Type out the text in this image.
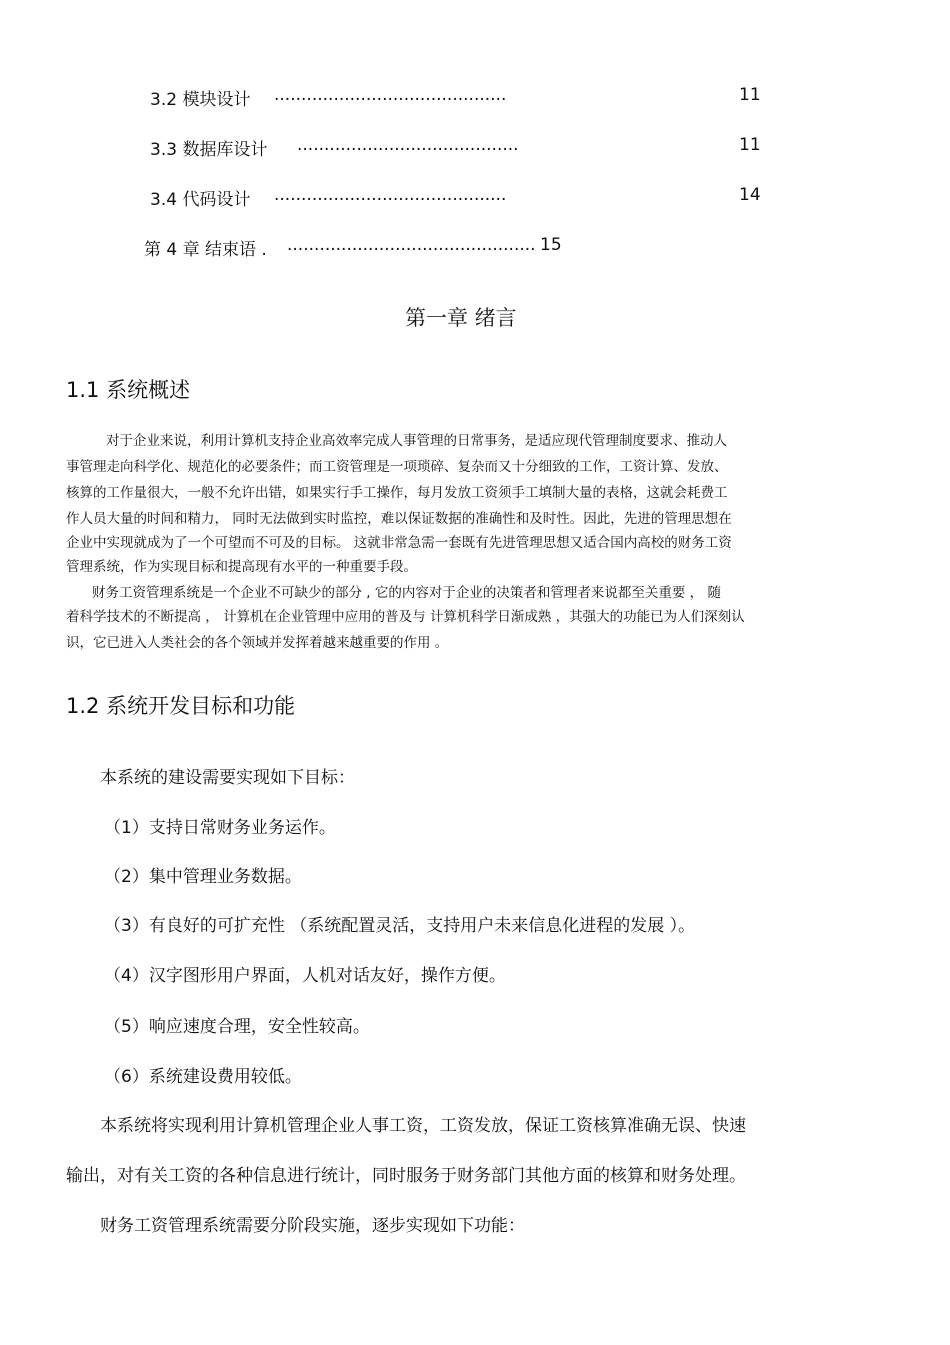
3.2 模块设计 ...........................................	11
3.3 数据库设计 .........................................	11
3.4 代码设计 ...........................................	14
第 4 章 结束语 . .............................................. 15
第一章 绪言
1.1 系统概述
对于企业来说，利用计算机支持企业高效率完成人事管理的日常事务，是适应现代管理制度要求、推动人
事管理走向科学化、规范化的必要条件；而工资管理是一项琐碎、复杂而又十分细致的工作，工资计算、发放、
核算的工作量很大，一般不允许出错，如果实行手工操作，每月发放工资须手工填制大量的表格，这就会耗费工
作人员大量的时间和精力， 同时无法做到实时监控，难以保证数据的准确性和及时性。因此，先进的管理思想在
企业中实现就成为了一个可望而不可及的目标。 这就非常急需一套既有先进管理思想又适合国内高校的财务工资
管理系统，作为实现目标和提高现有水平的一种重要手段。
财务工资管理系统是一个企业不可缺少的部分 , 它的内容对于企业的决策者和管理者来说都至关重要 ， 随
着科学技术的不断提高 ， 计算机在企业管理中应用的普及与 计算机科学日渐成熟 ，其强大的功能已为人们深刻认
识，它已进入人类社会的各个领域并发挥着越来越重要的作用 。
1.2 系统开发目标和功能
本系统的建设需要实现如下目标：
（1）支持日常财务业务运作。
（2）集中管理业务数据。
（3）有良好的可扩充性 （系统配置灵活，支持用户未来信息化进程的发展 ）。
（4）汉字图形用户界面，人机对话友好，操作方便。
（5）响应速度合理，安全性较高。
（6）系统建设费用较低。
本系统将实现利用计算机管理企业人事工资，工资发放，保证工资核算准确无误、快速
输出，对有关工资的各种信息进行统计，同时服务于财务部门其他方面的核算和财务处理。
财务工资管理系统需要分阶段实施，逐步实现如下功能：
